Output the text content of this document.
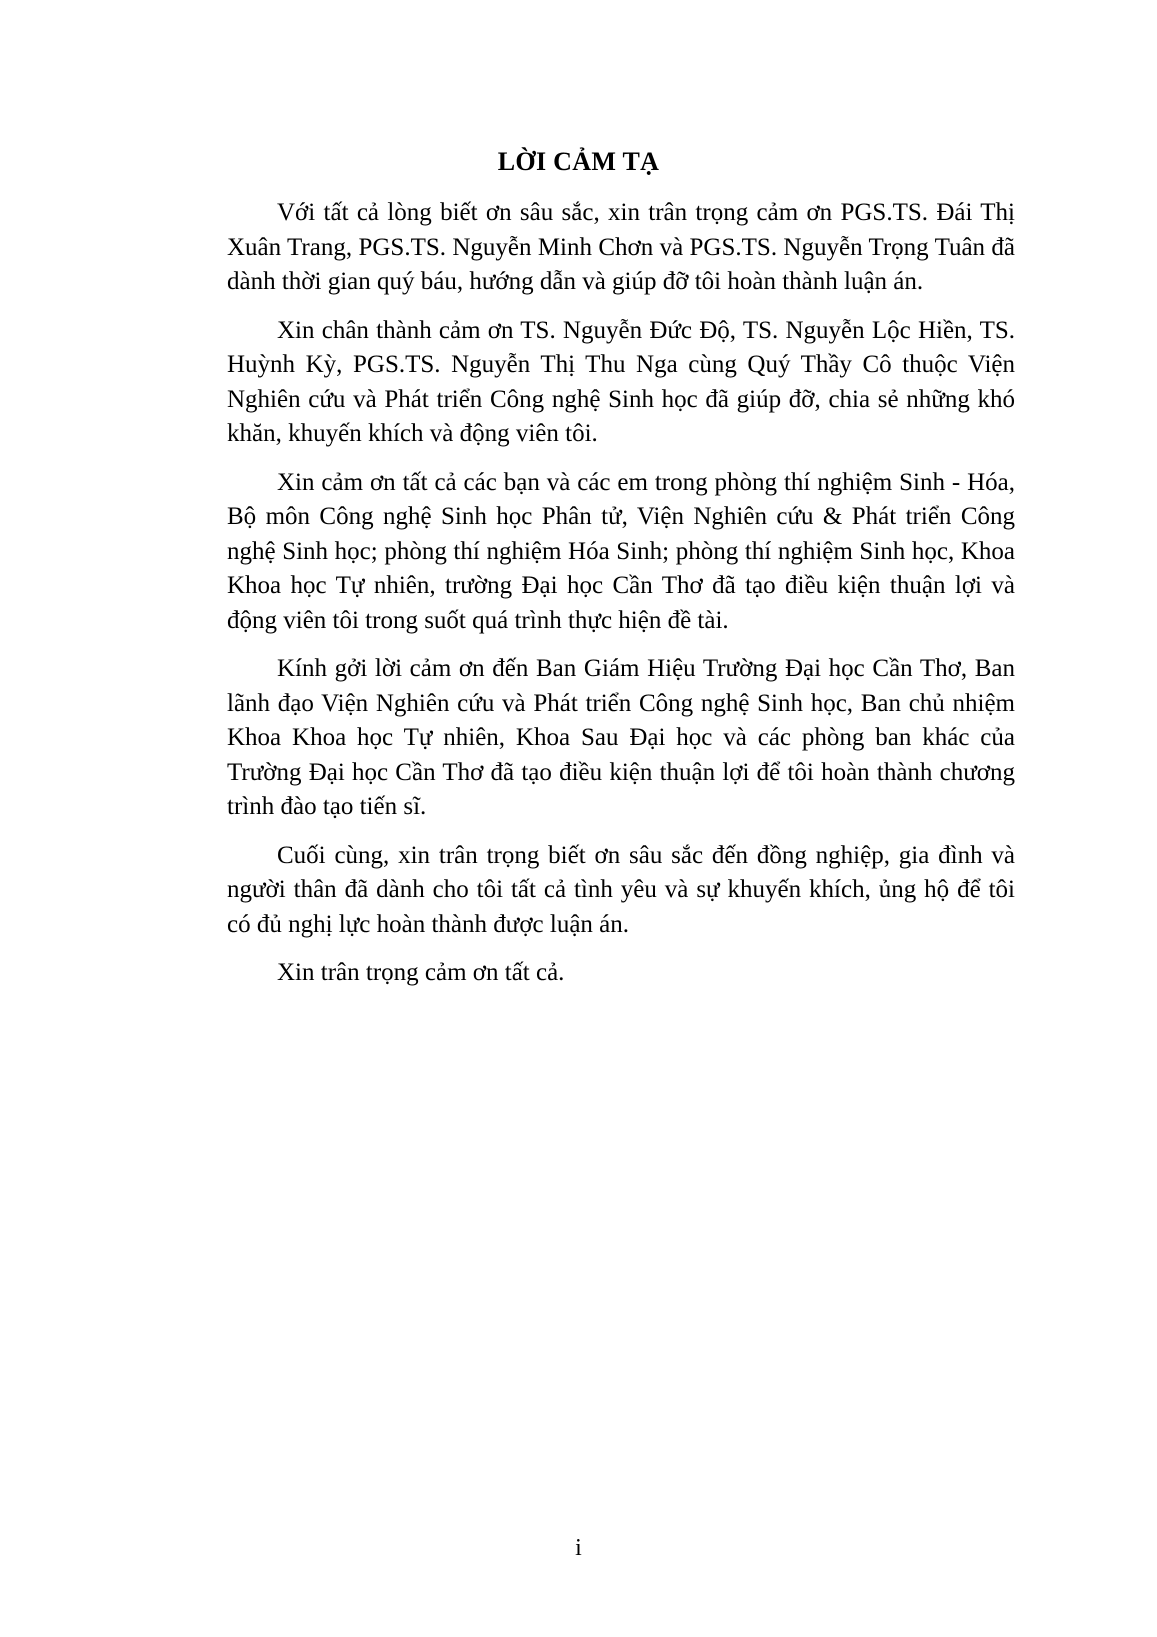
LỜI CẢM TẠ

Với tất cả lòng biết ơn sâu sắc, xin trân trọng cảm ơn PGS.TS. Đái Thị Xuân Trang, PGS.TS. Nguyễn Minh Chơn và PGS.TS. Nguyễn Trọng Tuân đã dành thời gian quý báu, hướng dẫn và giúp đỡ tôi hoàn thành luận án.

Xin chân thành cảm ơn TS. Nguyễn Đức Độ, TS. Nguyễn Lộc Hiền, TS. Huỳnh Kỳ, PGS.TS. Nguyễn Thị Thu Nga cùng Quý Thầy Cô thuộc Viện Nghiên cứu và Phát triển Công nghệ Sinh học đã giúp đỡ, chia sẻ những khó khăn, khuyến khích và động viên tôi.

Xin cảm ơn tất cả các bạn và các em trong phòng thí nghiệm Sinh - Hóa, Bộ môn Công nghệ Sinh học Phân tử, Viện Nghiên cứu & Phát triển Công nghệ Sinh học; phòng thí nghiệm Hóa Sinh; phòng thí nghiệm Sinh học, Khoa Khoa học Tự nhiên, trường Đại học Cần Thơ đã tạo điều kiện thuận lợi và động viên tôi trong suốt quá trình thực hiện đề tài.

Kính gởi lời cảm ơn đến Ban Giám Hiệu Trường Đại học Cần Thơ, Ban lãnh đạo Viện Nghiên cứu và Phát triển Công nghệ Sinh học, Ban chủ nhiệm Khoa Khoa học Tự nhiên, Khoa Sau Đại học và các phòng ban khác của Trường Đại học Cần Thơ đã tạo điều kiện thuận lợi để tôi hoàn thành chương trình đào tạo tiến sĩ.

Cuối cùng, xin trân trọng biết ơn sâu sắc đến đồng nghiệp, gia đình và người thân đã dành cho tôi tất cả tình yêu và sự khuyến khích, ủng hộ để tôi có đủ nghị lực hoàn thành được luận án.

Xin trân trọng cảm ơn tất cả.

i
